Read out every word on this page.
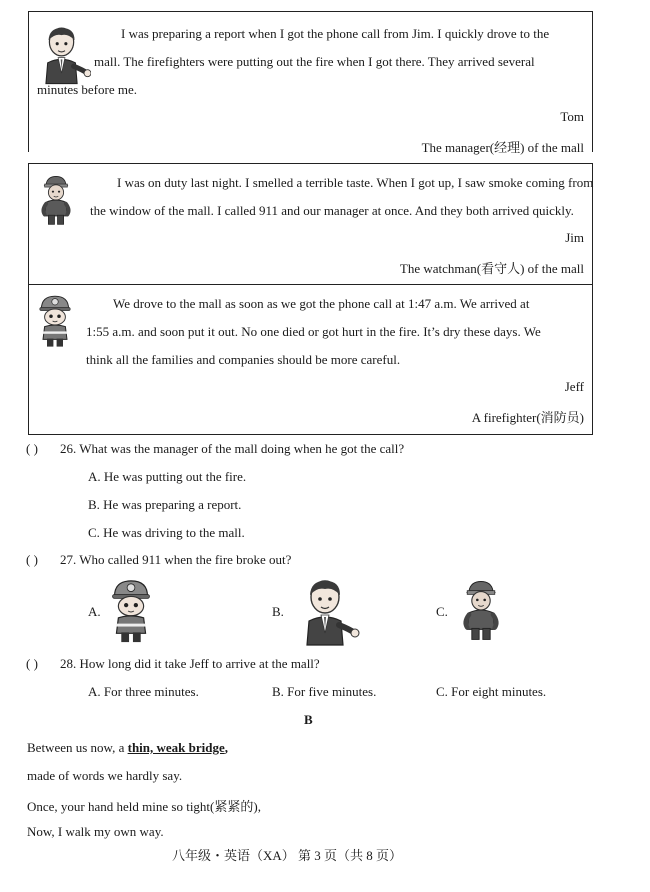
I was preparing a report when I got the phone call from Jim. I quickly drove to the
mall. The firefighters were putting out the fire when I got there. They arrived several
minutes before me.
Tom
The manager(经理) of the mall
I was on duty last night. I smelled a terrible taste. When I got up, I saw smoke coming from
the window of the mall. I called 911 and our manager at once. And they both arrived quickly.
Jim
The watchman(看守人) of the mall
We drove to the mall as soon as we got the phone call at 1:47 a.m. We arrived at
1:55 a.m. and soon put it out. No one died or got hurt in the fire. It’s dry these days. We
think all the families and companies should be more careful.
Jeff
A firefighter(消防员)
( ) 26. What was the manager of the mall doing when he got the call?
A. He was putting out the fire.
B. He was preparing a report.
C. He was driving to the mall.
( ) 27. Who called 911 when the fire broke out?
A.	B.	C.
( ) 28. How long did it take Jeff to arrive at the mall?
A. For three minutes.	B. For five minutes.	C. For eight minutes.
B
Between us now, a thin, weak bridge,
made of words we hardly say.
Once, your hand held mine so tight(紧紧的),
Now, I walk my own way.
八年级・英语（XA） 第 3 页（共 8 页）
